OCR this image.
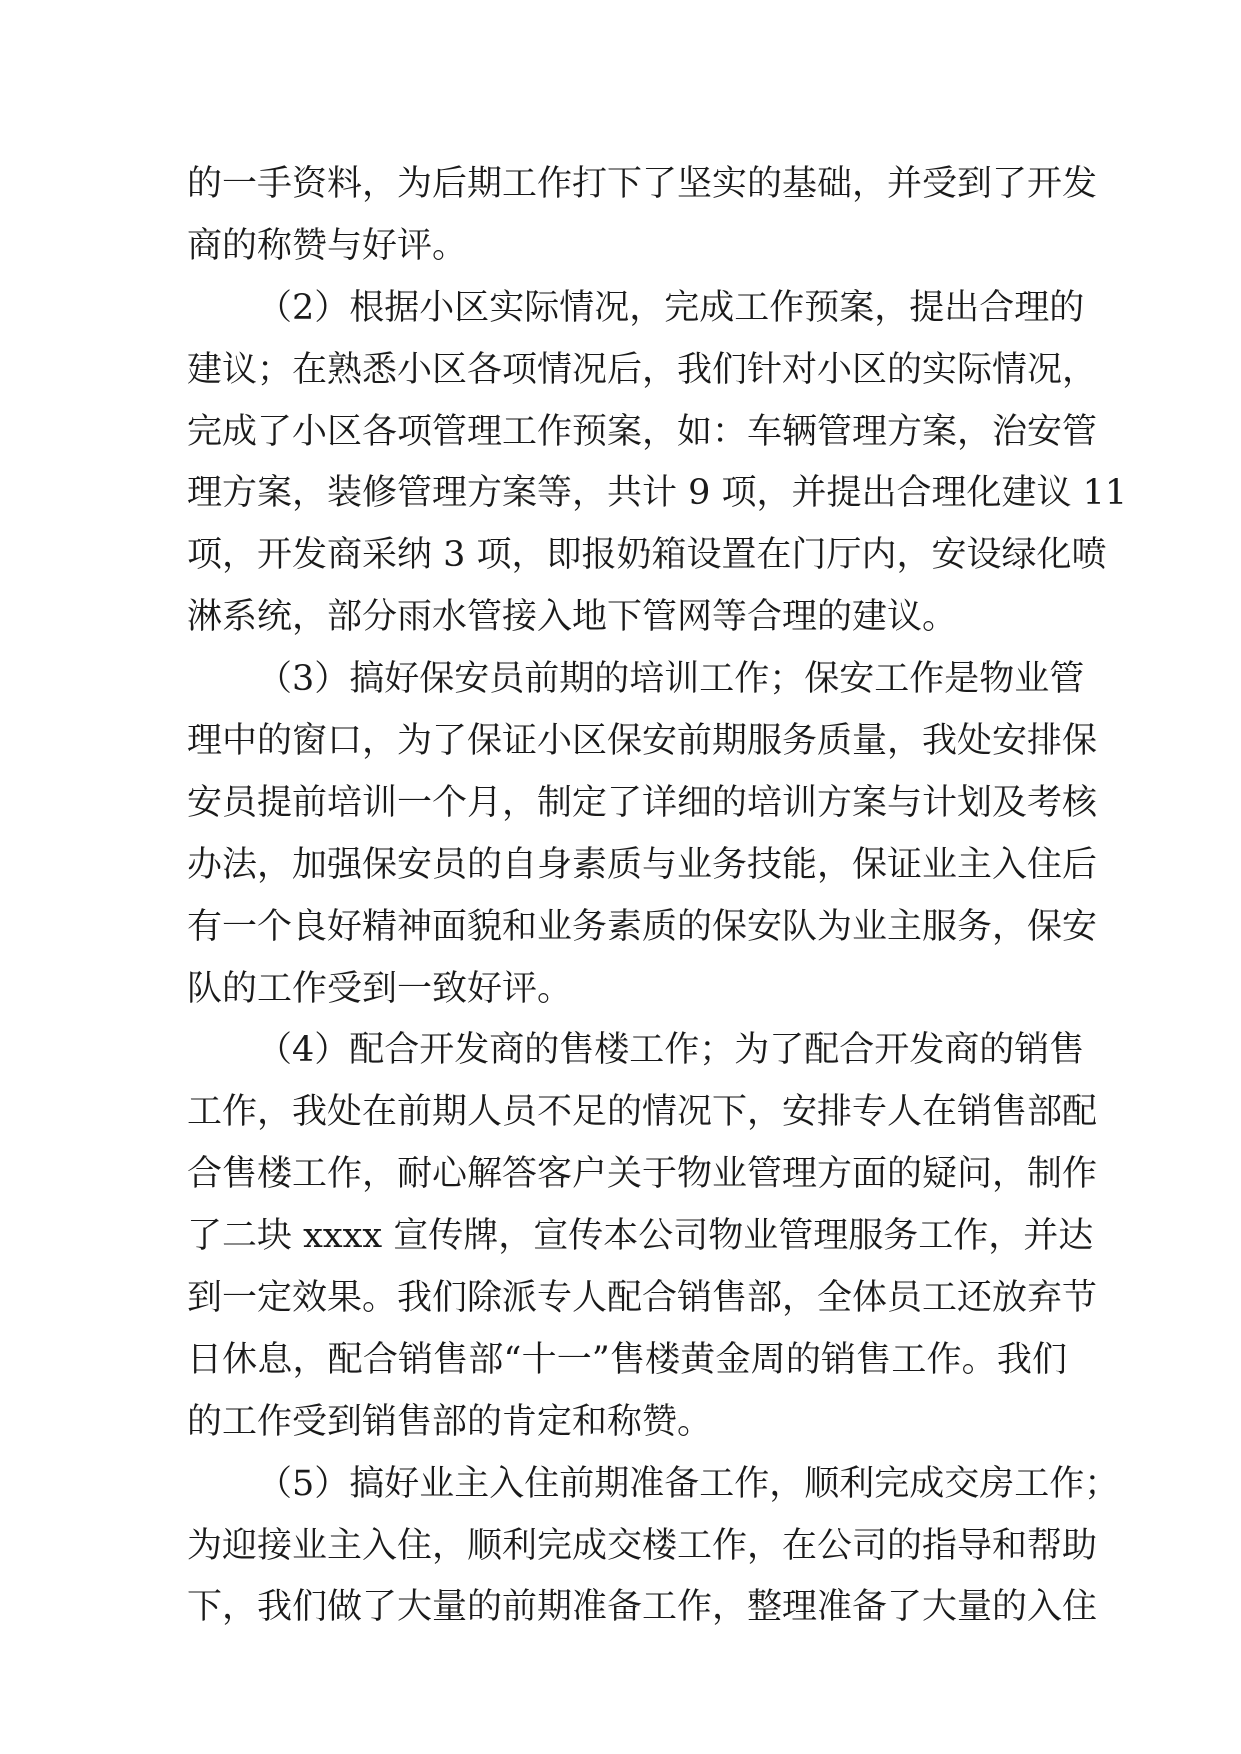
的一手资料，为后期工作打下了坚实的基础，并受到了开发
商的称赞与好评。
（2）根据小区实际情况，完成工作预案，提出合理的
建议；在熟悉小区各项情况后，我们针对小区的实际情况，
完成了小区各项管理工作预案，如：车辆管理方案，治安管
理方案，装修管理方案等，共计 9 项，并提出合理化建议 11
项，开发商采纳 3 项，即报奶箱设置在门厅内，安设绿化喷
淋系统，部分雨水管接入地下管网等合理的建议。
（3）搞好保安员前期的培训工作；保安工作是物业管
理中的窗口，为了保证小区保安前期服务质量，我处安排保
安员提前培训一个月，制定了详细的培训方案与计划及考核
办法，加强保安员的自身素质与业务技能，保证业主入住后
有一个良好精神面貌和业务素质的保安队为业主服务，保安
队的工作受到一致好评。
（4）配合开发商的售楼工作；为了配合开发商的销售
工作，我处在前期人员不足的情况下，安排专人在销售部配
合售楼工作，耐心解答客户关于物业管理方面的疑问，制作
了二块 xxxx 宣传牌，宣传本公司物业管理服务工作，并达
到一定效果。我们除派专人配合销售部，全体员工还放弃节
日休息，配合销售部“十一”售楼黄金周的销售工作。我们
的工作受到销售部的肯定和称赞。
（5）搞好业主入住前期准备工作，顺利完成交房工作；
为迎接业主入住，顺利完成交楼工作，在公司的指导和帮助
下，我们做了大量的前期准备工作，整理准备了大量的入住
